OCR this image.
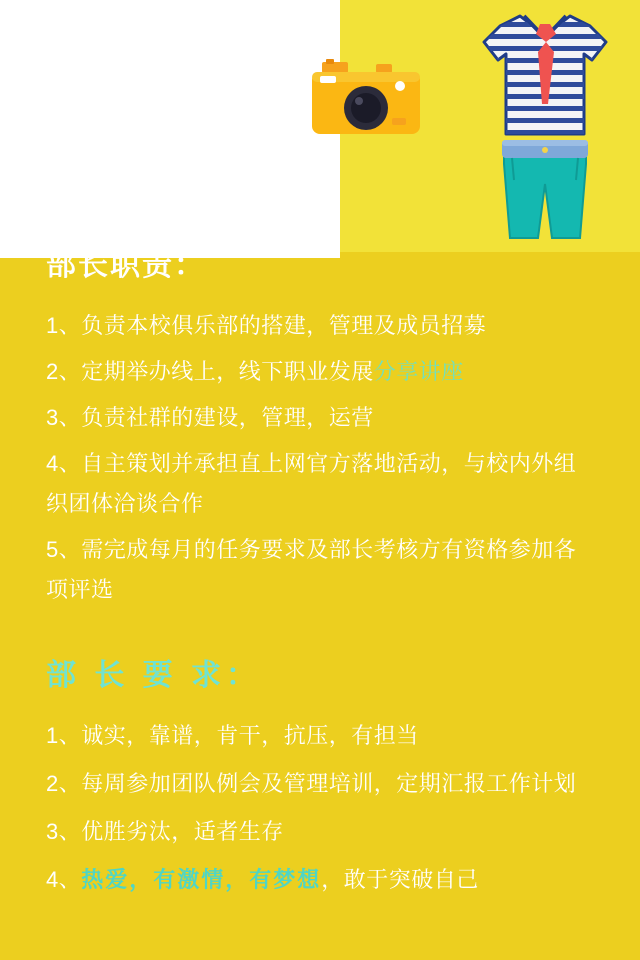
部长职责：

1、负责本校俱乐部的搭建，管理及成员招募

2、定期举办线上，线下职业发展分享讲座

3、负责社群的建设，管理，运营

4、自主策划并承担直上网官方落地活动，与校内外组织团体洽谈合作

5、需完成每月的任务要求及部长考核方有资格参加各项评选

部 长 要 求：

1、诚实，靠谱，肯干，抗压，有担当

2、每周参加团队例会及管理培训，定期汇报工作计划

3、优胜劣汰，适者生存

4、热爱，有激情，有梦想，敢于突破自己
